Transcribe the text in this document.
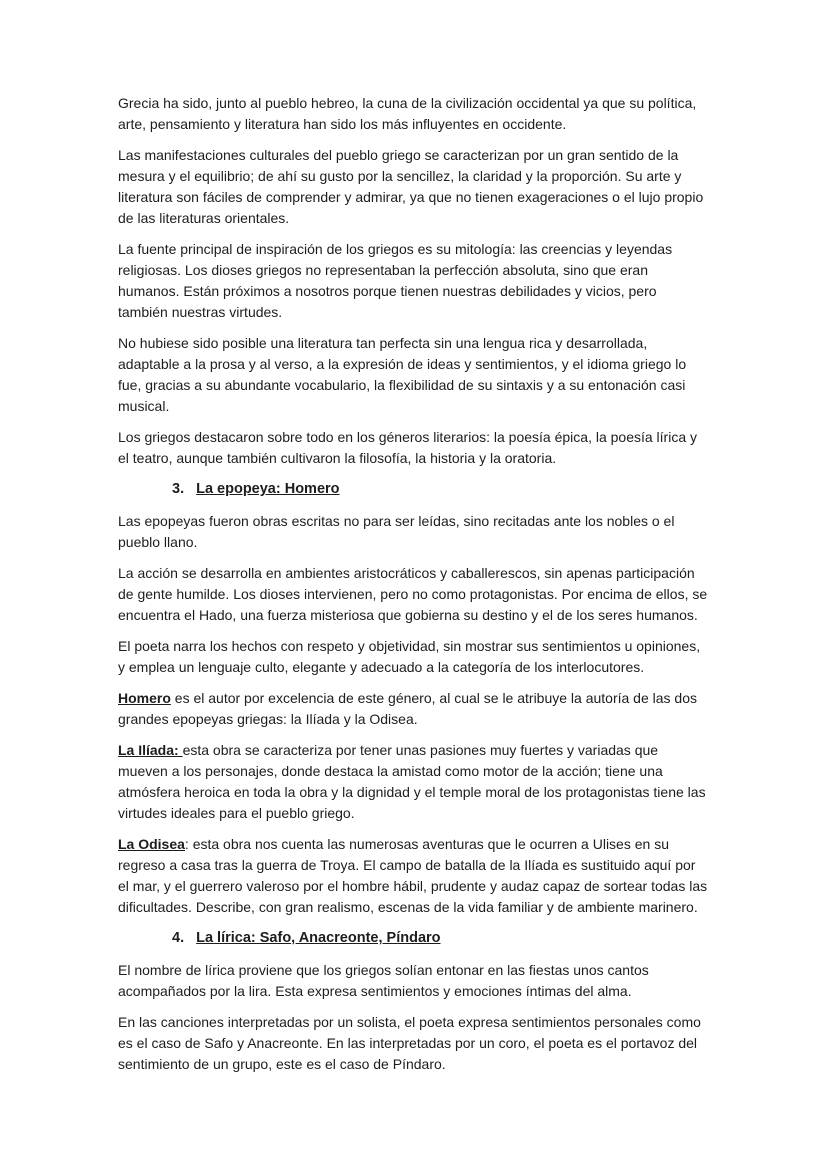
Grecia ha sido, junto al pueblo hebreo, la cuna de la civilización occidental ya que su política, arte, pensamiento y literatura han sido los más influyentes en occidente.

Las manifestaciones culturales del pueblo griego se caracterizan por un gran sentido de la mesura y el equilibrio; de ahí su gusto por la sencillez, la claridad y la proporción. Su arte y literatura son fáciles de comprender y admirar, ya que no tienen exageraciones o el lujo propio de las literaturas orientales.

La fuente principal de inspiración de los griegos es su mitología: las creencias y leyendas religiosas. Los dioses griegos no representaban la perfección absoluta, sino que eran humanos. Están próximos a nosotros porque tienen nuestras debilidades y vicios, pero también nuestras virtudes.

No hubiese sido posible una literatura tan perfecta sin una lengua rica y desarrollada, adaptable a la prosa y al verso, a la expresión de ideas y sentimientos, y el idioma griego lo fue, gracias a su abundante vocabulario, la flexibilidad de su sintaxis y a su entonación casi musical.

Los griegos destacaron sobre todo en los géneros literarios: la poesía épica, la poesía lírica y el teatro, aunque también cultivaron la filosofía, la historia y la oratoria.

3. La epopeya: Homero

Las epopeyas fueron obras escritas no para ser leídas, sino recitadas ante los nobles o el pueblo llano.

La acción se desarrolla en ambientes aristocráticos y caballerescos, sin apenas participación de gente humilde. Los dioses intervienen, pero no como protagonistas. Por encima de ellos, se encuentra el Hado, una fuerza misteriosa que gobierna su destino y el de los seres humanos.

El poeta narra los hechos con respeto y objetividad, sin mostrar sus sentimientos u opiniones, y emplea un lenguaje culto, elegante y adecuado a la categoría de los interlocutores.

Homero es el autor por excelencia de este género, al cual se le atribuye la autoría de las dos grandes epopeyas griegas: la Ilíada y la Odisea.

La Ilíada: esta obra se caracteriza por tener unas pasiones muy fuertes y variadas que mueven a los personajes, donde destaca la amistad como motor de la acción; tiene una atmósfera heroica en toda la obra y la dignidad y el temple moral de los protagonistas tiene las virtudes ideales para el pueblo griego.

La Odisea: esta obra nos cuenta las numerosas aventuras que le ocurren a Ulises en su regreso a casa tras la guerra de Troya. El campo de batalla de la Ilíada es sustituido aquí por el mar, y el guerrero valeroso por el hombre hábil, prudente y audaz capaz de sortear todas las dificultades. Describe, con gran realismo, escenas de la vida familiar y de ambiente marinero.

4. La lírica: Safo, Anacreonte, Píndaro

El nombre de lírica proviene que los griegos solían entonar en las fiestas unos cantos acompañados por la lira. Esta expresa sentimientos y emociones íntimas del alma.

En las canciones interpretadas por un solista, el poeta expresa sentimientos personales como es el caso de Safo y Anacreonte. En las interpretadas por un coro, el poeta es el portavoz del sentimiento de un grupo, este es el caso de Píndaro.
